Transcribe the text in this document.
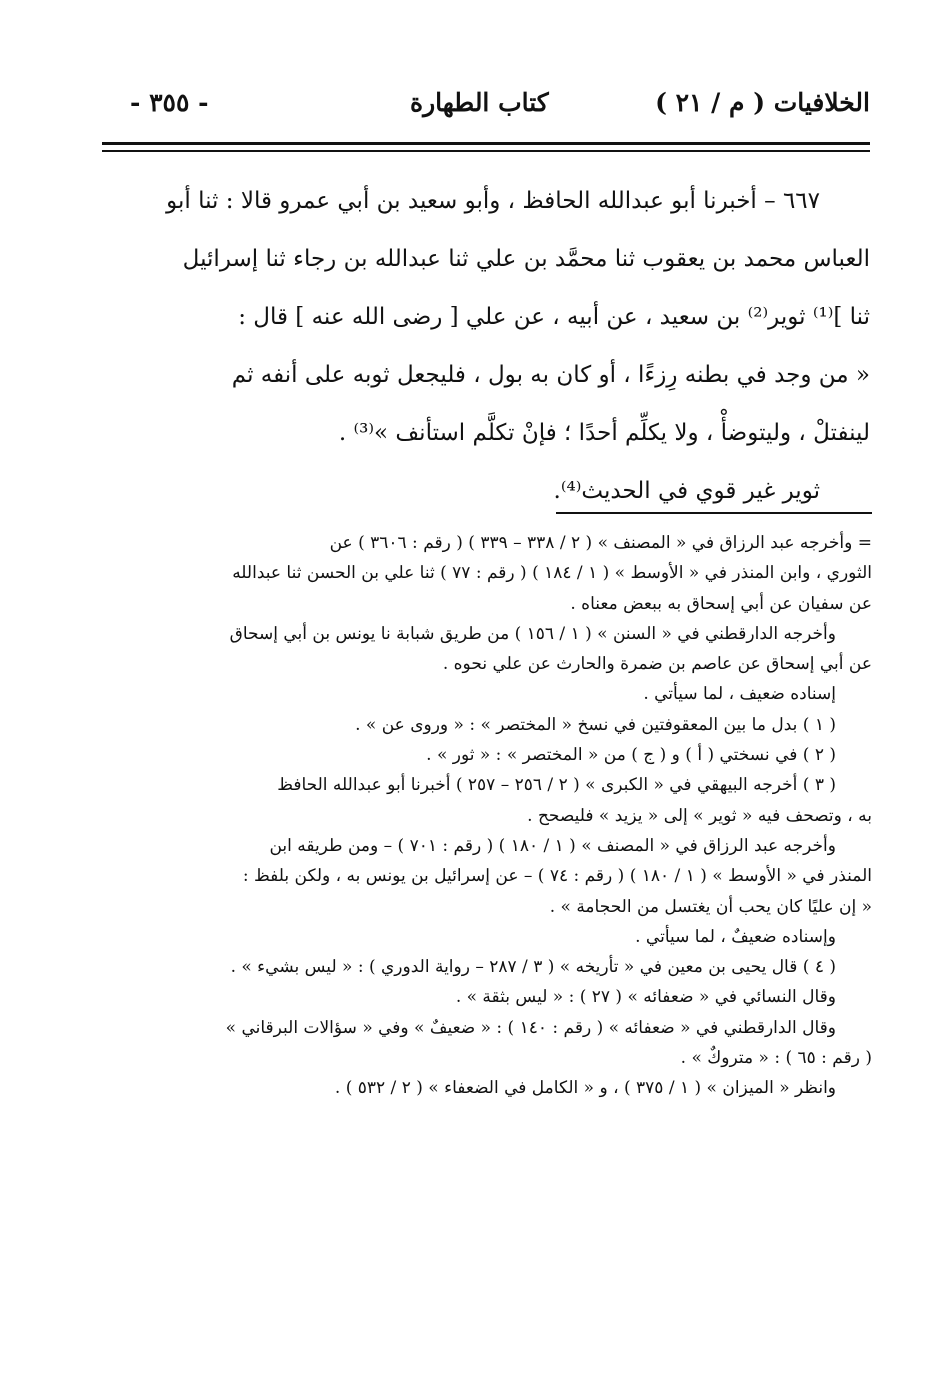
الخلافيات ( م / ٢١ )
كتاب الطهارة
- ٣٥٥ -
٦٦٧ – أخبرنا أبو عبدالله الحافظ ، وأبو سعيد بن أبي عمرو قالا : ثنا أبو
العباس محمد بن يعقوب ثنا محمَّد بن علي ثنا عبدالله بن رجاء ثنا إسرائيل
ثنا ]⁽¹⁾ ثوير⁽²⁾ بن سعيد ، عن أبيه ، عن علي [ رضى الله عنه ] قال :
« من وجد في بطنه رِزءًا ، أو كان به بول ، فليجعل ثوبه على أنفه ثم
لينفتلْ ، وليتوضأْ ، ولا يكلِّم أحدًا ؛ فإنْ تكلَّم استأنف »⁽³⁾ .
ثوير غير قوي في الحديث⁽⁴⁾.
= وأخرجه عبد الرزاق في « المصنف » ( ٢ / ٣٣٨ – ٣٣٩ ) ( رقم : ٣٦٠٦ ) عن
الثوري ، وابن المنذر في « الأوسط » ( ١ / ١٨٤ ) ( رقم : ٧٧ ) ثنا علي بن الحسن ثنا عبدالله
عن سفيان عن أبي إسحاق به ببعض معناه .
وأخرجه الدارقطني في « السنن » ( ١ / ١٥٦ ) من طريق شبابة نا يونس بن أبي إسحاق
عن أبي إسحاق عن عاصم بن ضمرة والحارث عن علي نحوه .
إسناده ضعيف ، لما سيأتي .
( ١ ) بدل ما بين المعقوفتين في نسخ « المختصر » : « وروى عن » .
( ٢ ) في نسختي ( أ ) و ( ج ) من « المختصر » : « ثور » .
( ٣ ) أخرجه البيهقي في « الكبرى » ( ٢ / ٢٥٦ – ٢٥٧ ) أخبرنا أبو عبدالله الحافظ
به ، وتصحف فيه « ثوير » إلى « يزيد » فليصحح .
وأخرجه عبد الرزاق في « المصنف » ( ١ / ١٨٠ ) ( رقم : ٧٠١ ) – ومن طريقه ابن
المنذر في « الأوسط » ( ١ / ١٨٠ ) ( رقم : ٧٤ ) – عن إسرائيل بن يونس به ، ولكن بلفظ :
« إن عليًا كان يحب أن يغتسل من الحجامة » .
وإسناده ضعيفٌ ، لما سيأتي .
( ٤ ) قال يحيى بن معين في « تأريخه » ( ٣ / ٢٨٧ – رواية الدوري ) : « ليس بشيء » .
وقال النسائي في « ضعفائه » ( ٢٧ ) : « ليس بثقة » .
وقال الدارقطني في « ضعفائه » ( رقم : ١٤٠ ) : « ضعيفٌ » وفي « سؤالات البرقاني »
( رقم : ٦٥ ) : « متروكٌ » .
وانظر « الميزان » ( ١ / ٣٧٥ ) ، و « الكامل في الضعفاء » ( ٢ / ٥٣٢ ) .
